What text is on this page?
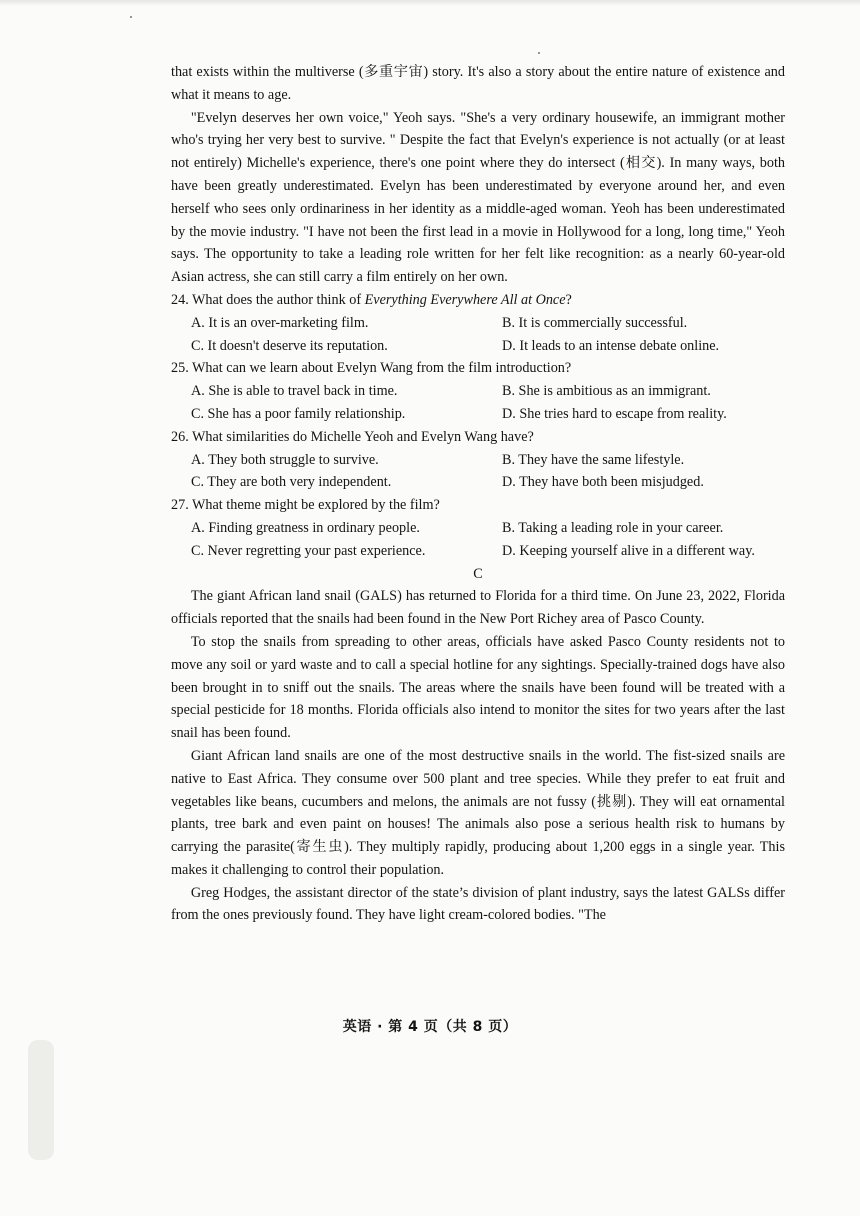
that exists within the multiverse (多重宇宙) story. It's also a story about the entire nature of existence and what it means to age.

"Evelyn deserves her own voice," Yeoh says. "She's a very ordinary housewife, an immigrant mother who's trying her very best to survive. " Despite the fact that Evelyn's experience is not actually (or at least not entirely) Michelle's experience, there's one point where they do intersect (相交). In many ways, both have been greatly underestimated. Evelyn has been underestimated by everyone around her, and even herself who sees only ordinariness in her identity as a middle-aged woman. Yeoh has been underestimated by the movie industry. "I have not been the first lead in a movie in Hollywood for a long, long time," Yeoh says. The opportunity to take a leading role written for her felt like recognition: as a nearly 60-year-old Asian actress, she can still carry a film entirely on her own.

24. What does the author think of Everything Everywhere All at Once?

A. It is an over-marketing film.	B. It is commercially successful.
C. It doesn't deserve its reputation.	D. It leads to an intense debate online.

25. What can we learn about Evelyn Wang from the film introduction?

A. She is able to travel back in time.	B. She is ambitious as an immigrant.
C. She has a poor family relationship.	D. She tries hard to escape from reality.

26. What similarities do Michelle Yeoh and Evelyn Wang have?

A. They both struggle to survive.	B. They have the same lifestyle.
C. They are both very independent.	D. They have both been misjudged.

27. What theme might be explored by the film?

A. Finding greatness in ordinary people.	B. Taking a leading role in your career.
C. Never regretting your past experience.	D. Keeping yourself alive in a different way.

C

The giant African land snail (GALS) has returned to Florida for a third time. On June 23, 2022, Florida officials reported that the snails had been found in the New Port Richey area of Pasco County.

To stop the snails from spreading to other areas, officials have asked Pasco County residents not to move any soil or yard waste and to call a special hotline for any sightings. Specially-trained dogs have also been brought in to sniff out the snails. The areas where the snails have been found will be treated with a special pesticide for 18 months. Florida officials also intend to monitor the sites for two years after the last snail has been found.

Giant African land snails are one of the most destructive snails in the world. The fist-sized snails are native to East Africa. They consume over 500 plant and tree species. While they prefer to eat fruit and vegetables like beans, cucumbers and melons, the animals are not fussy (挑剔). They will eat ornamental plants, tree bark and even paint on houses! The animals also pose a serious health risk to humans by carrying the parasite(寄生虫). They multiply rapidly, producing about 1,200 eggs in a single year. This makes it challenging to control their population.

Greg Hodges, the assistant director of the state’s division of plant industry, says the latest GALSs differ from the ones previously found. They have light cream-colored bodies. "The

英语 · 第 4 页（共 8 页）
